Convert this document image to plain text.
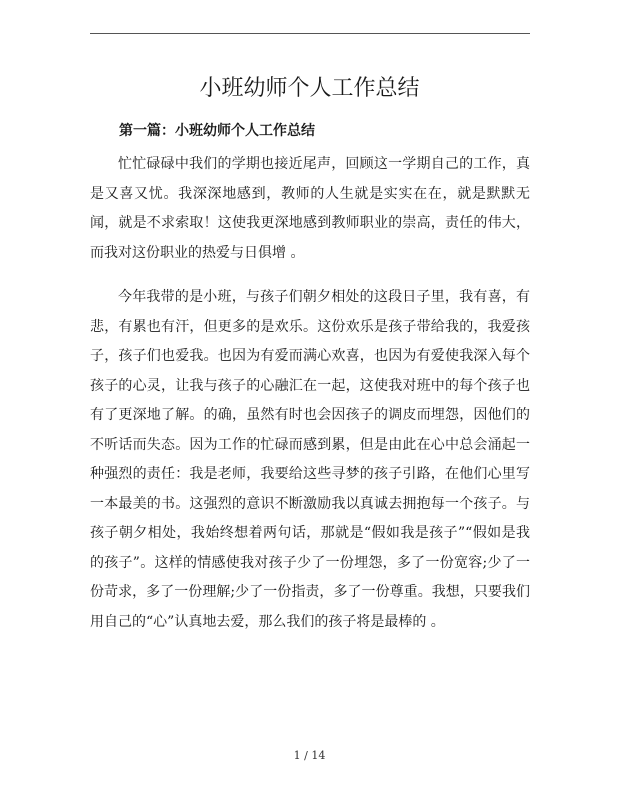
小班幼师个人工作总结
第一篇：小班幼师个人工作总结

忙忙碌碌中我们的学期也接近尾声，回顾这一学期自己的工作，真是又喜又忧。我深深地感到，教师的人生就是实实在在，就是默默无闻，就是不求索取！这使我更深地感到教师职业的崇高，责任的伟大，而我对这份职业的热爱与日俱增 。

今年我带的是小班，与孩子们朝夕相处的这段日子里，我有喜，有悲，有累也有汗，但更多的是欢乐。这份欢乐是孩子带给我的，我爱孩子，孩子们也爱我。也因为有爱而满心欢喜，也因为有爱使我深入每个孩子的心灵，让我与孩子的心融汇在一起，这使我对班中的每个孩子也有了更深地了解。的确，虽然有时也会因孩子的调皮而埋怨，因他们的不听话而失态。因为工作的忙碌而感到累，但是由此在心中总会涌起一种强烈的责任：我是老师，我要给这些寻梦的孩子引路，在他们心里写一本最美的书。这强烈的意识不断激励我以真诚去拥抱每一个孩子。与孩子朝夕相处，我始终想着两句话，那就是“假如我是孩子”“假如是我的孩子”。这样的情感使我对孩子少了一份埋怨，多了一份宽容;少了一份苛求，多了一份理解;少了一份指责，多了一份尊重。我想，只要我们用自己的“心”认真地去爱，那么我们的孩子将是最棒的 。

1 / 14
